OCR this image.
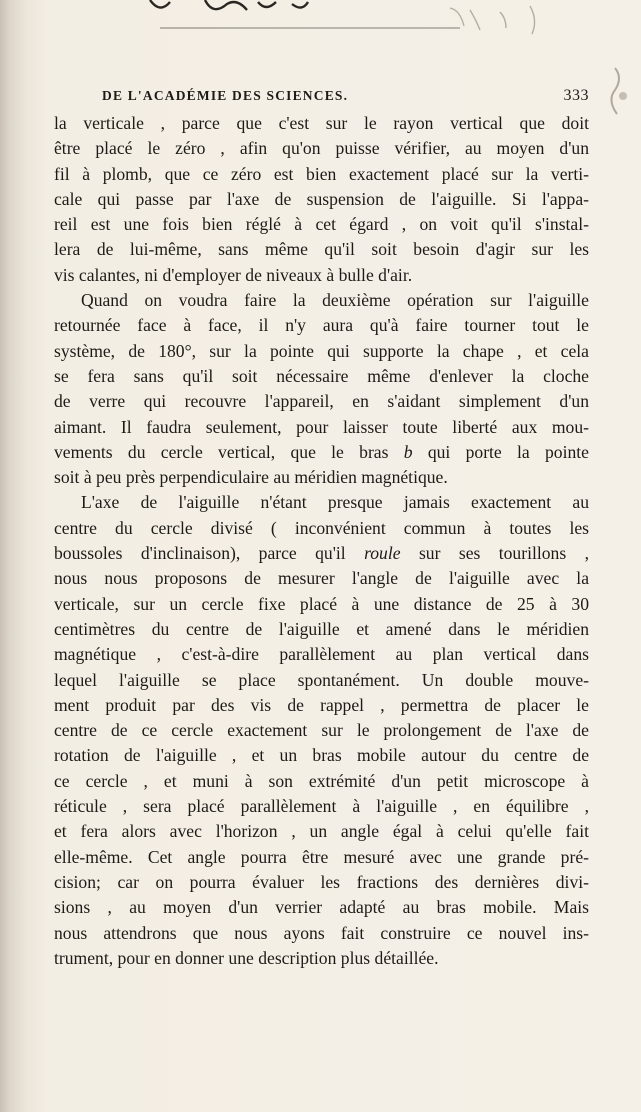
DE L'ACADÉMIE DES SCIENCES.	333

la verticale , parce que c'est sur le rayon vertical que doit
être placé le zéro , afin qu'on puisse vérifier, au moyen d'un
fil à plomb, que ce zéro est bien exactement placé sur la verti-
cale qui passe par l'axe de suspension de l'aiguille. Si l'appa-
reil est une fois bien réglé à cet égard , on voit qu'il s'instal-
lera de lui-même, sans même qu'il soit besoin d'agir sur les
vis calantes, ni d'employer de niveaux à bulle d'air.

Quand on voudra faire la deuxième opération sur l'aiguille
retournée face à face, il n'y aura qu'à faire tourner tout le
système, de 180°, sur la pointe qui supporte la chape , et cela
se fera sans qu'il soit nécessaire même d'enlever la cloche
de verre qui recouvre l'appareil, en s'aidant simplement d'un
aimant. Il faudra seulement, pour laisser toute liberté aux mou-
vements du cercle vertical, que le bras b qui porte la pointe
soit à peu près perpendiculaire au méridien magnétique.

L'axe de l'aiguille n'étant presque jamais exactement au
centre du cercle divisé ( inconvénient commun à toutes les
boussoles d'inclinaison), parce qu'il roule sur ses tourillons ,
nous nous proposons de mesurer l'angle de l'aiguille avec la
verticale, sur un cercle fixe placé à une distance de 25 à 30
centimètres du centre de l'aiguille et amené dans le méridien
magnétique , c'est-à-dire parallèlement au plan vertical dans
lequel l'aiguille se place spontanément. Un double mouve-
ment produit par des vis de rappel , permettra de placer le
centre de ce cercle exactement sur le prolongement de l'axe de
rotation de l'aiguille , et un bras mobile autour du centre de
ce cercle , et muni à son extrémité d'un petit microscope à
réticule , sera placé parallèlement à l'aiguille , en équilibre ,
et fera alors avec l'horizon , un angle égal à celui qu'elle fait
elle-même. Cet angle pourra être mesuré avec une grande pré-
cision; car on pourra évaluer les fractions des dernières divi-
sions , au moyen d'un verrier adapté au bras mobile. Mais
nous attendrons que nous ayons fait construire ce nouvel ins-
trument, pour en donner une description plus détaillée.
